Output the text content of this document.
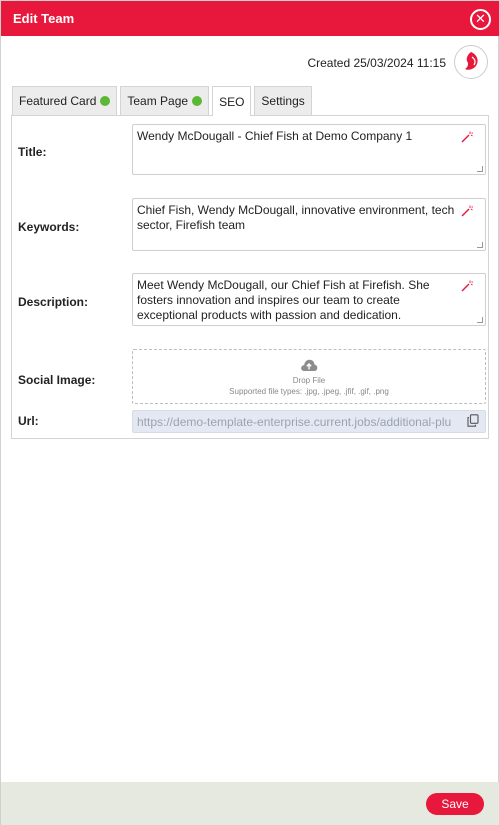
Edit Team	✕
Created 25/03/2024 11:15
Featured Card	Team Page	SEO Settings
Title:
Wendy McDougall - Chief Fish at Demo Company 1
Keywords:
Chief Fish, Wendy McDougall, innovative environment, tech sector, Firefish team
Description:
Meet Wendy McDougall, our Chief Fish at Firefish. She fosters innovation and inspires our team to create exceptional products with passion and dedication.
Social Image:	Drop File
Supported file types: .jpg, .jpeg, .jfif, .gif, .png
Url:	https://demo-template-enterprise.current.jobs/additional-plu
Save
